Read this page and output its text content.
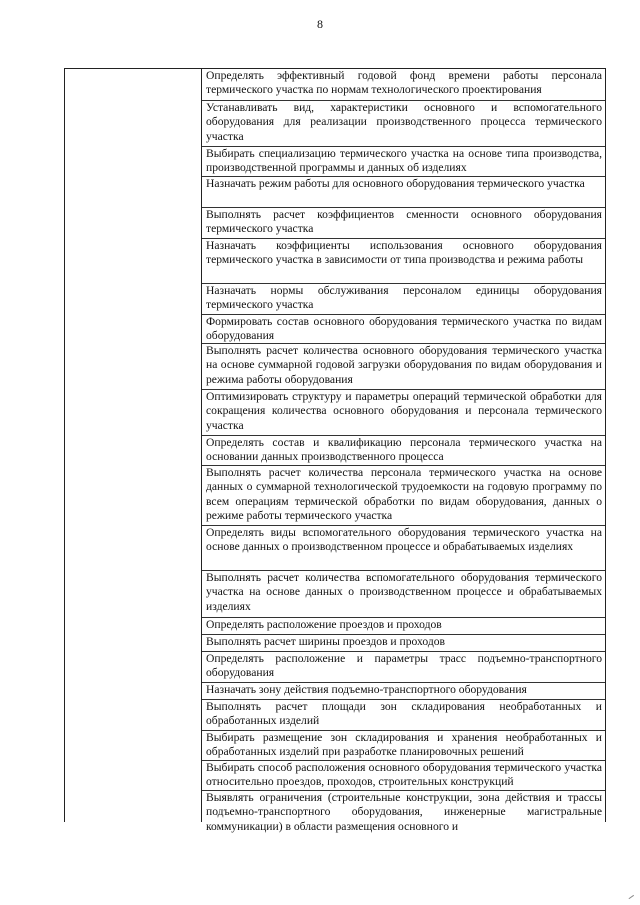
8
Определять эффективный годовой фонд времени работы персонала термического участка по нормам технологического проектирования
Устанавливать вид, характеристики основного и вспомогательного оборудования для реализации производственного процесса термического участка
Выбирать специализацию термического участка на основе типа производства, производственной программы и данных об изделиях
Назначать режим работы для основного оборудования термического участка
Выполнять расчет коэффициентов сменности основного оборудования термического участка
Назначать коэффициенты использования основного оборудования термического участка в зависимости от типа производства и режима работы
Назначать нормы обслуживания персоналом единицы оборудования термического участка
Формировать состав основного оборудования термического участка по видам оборудования
Выполнять расчет количества основного оборудования термического участка на основе суммарной годовой загрузки оборудования по видам оборудования и режима работы оборудования
Оптимизировать структуру и параметры операций термической обработки для сокращения количества основного оборудования и персонала термического участка
Определять состав и квалификацию персонала термического участка на основании данных производственного процесса
Выполнять расчет количества персонала термического участка на основе данных о суммарной технологической трудоемкости на годовую программу по всем операциям термической обработки по видам оборудования, данных о режиме работы термического участка
Определять виды вспомогательного оборудования термического участка на основе данных о производственном процессе и обрабатываемых изделиях
Выполнять расчет количества вспомогательного оборудования термического участка на основе данных о производственном процессе и обрабатываемых изделиях
Определять расположение проездов и проходов
Выполнять расчет ширины проездов и проходов
Определять расположение и параметры трасс подъемно-транспортного оборудования
Назначать зону действия подъемно-транспортного оборудования
Выполнять расчет площади зон складирования необработанных и обработанных изделий
Выбирать размещение зон складирования и хранения необработанных и обработанных изделий при разработке планировочных решений
Выбирать способ расположения основного оборудования термического участка относительно проездов, проходов, строительных конструкций
Выявлять ограничения (строительные конструкции, зона действия и трассы подъемно-транспортного оборудования, инженерные магистральные коммуникации) в области размещения основного и
